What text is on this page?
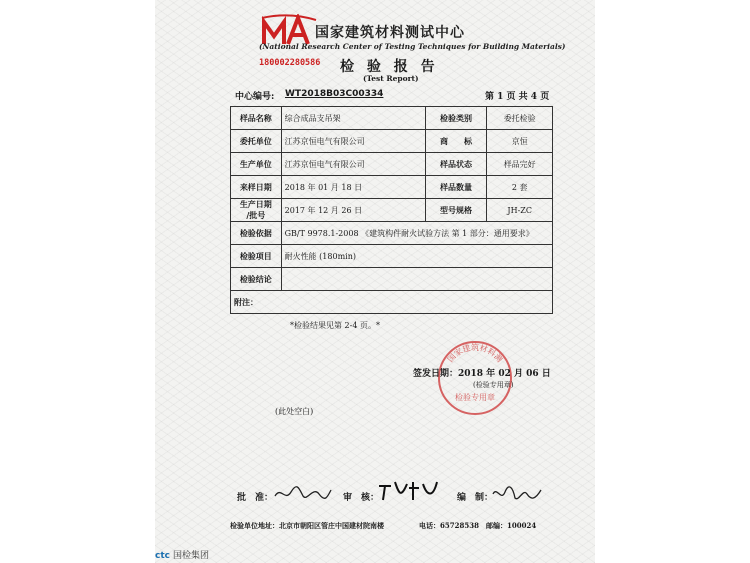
国家建筑材料测试中心
(National Research Center of Testing Techniques for Building Materials)
180002280586 检 验 报 告
(Test Report)
中心编号: WT2018B03C00334	第 1 页 共 4 页
样品名称	综合成品支吊架	检验类别	委托检验
委托单位	江苏京恒电气有限公司	商　　标	京恒
生产单位	江苏京恒电气有限公司	样品状态	样品完好
来样日期	2018 年 01 月 18 日	样品数量	2 套
生产日期
/批号	2017 年 12 月 26 日	型号规格	JH-ZC
检验依据	GB/T 9978.1-2008 《建筑构件耐火试验方法 第 1 部分：通用要求》		
检验项目	耐火性能 (180min)		
检验结论			
附注：			
*检验结果见第 2-4 页。*
国家建筑材料测
检验专用章
签发日期：2018 年 02 月 06 日
(检验专用章)
(此处空白)
批　准：	审　核：	编　制：
检验单位地址：北京市朝阳区管庄中国建材院南楼　　　　　电话：65728538　邮编：100024
ctc 国检集团
